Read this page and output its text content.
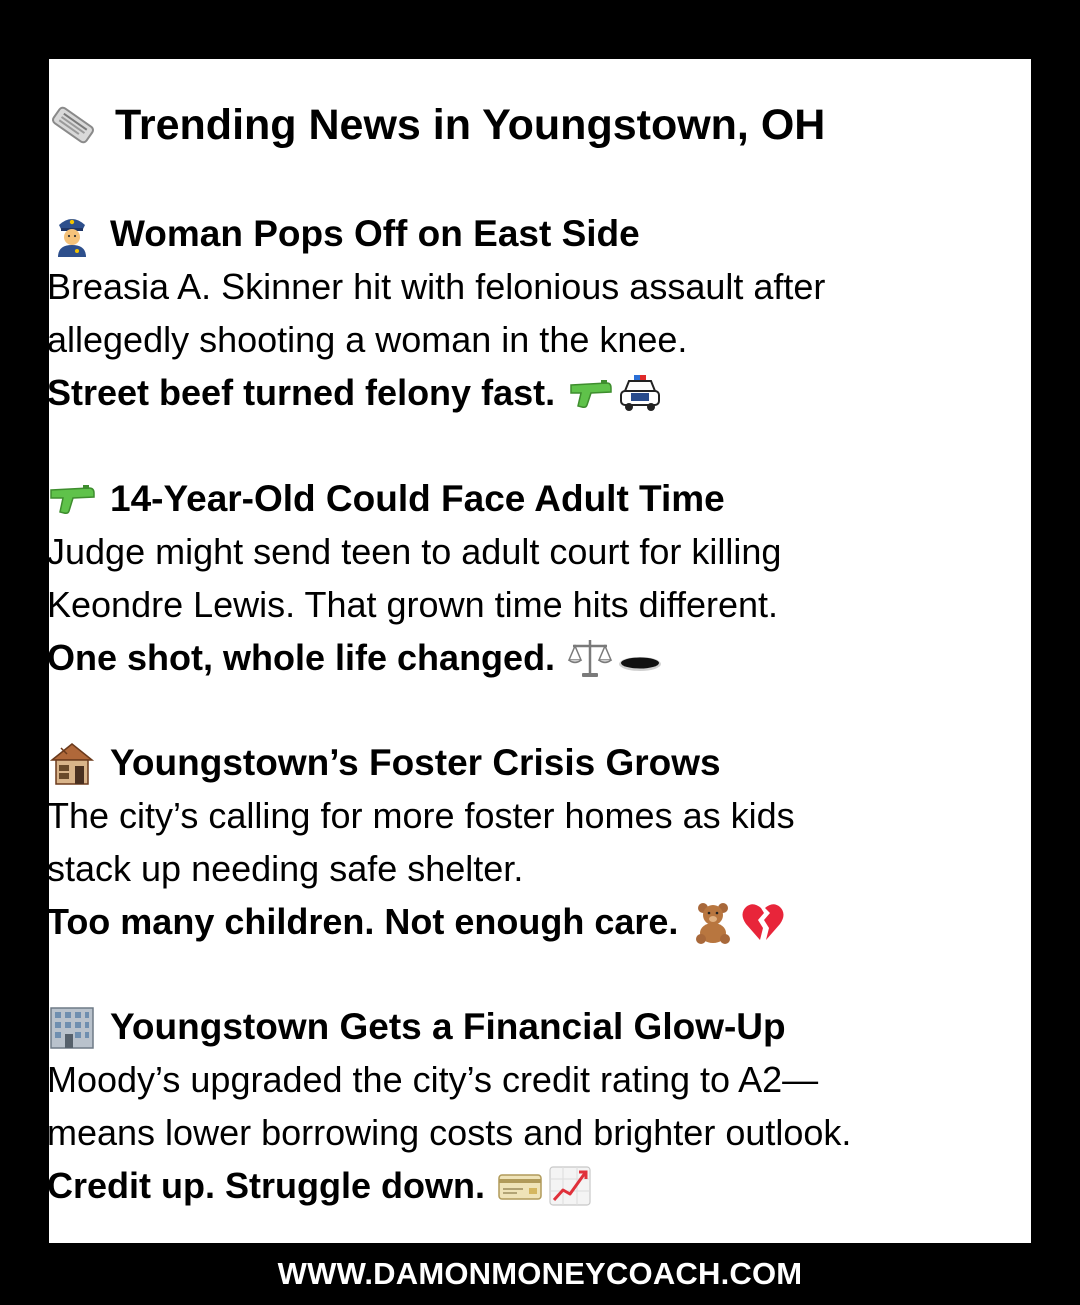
Trending News in Youngstown, OH
Woman Pops Off on East Side
Breasia A. Skinner hit with felonious assault after
allegedly shooting a woman in the knee.
Street beef turned felony fast.
14-Year-Old Could Face Adult Time
Judge might send teen to adult court for killing
Keondre Lewis. That grown time hits different.
One shot, whole life changed.
Youngstown’s Foster Crisis Grows
The city’s calling for more foster homes as kids
stack up needing safe shelter.
Too many children. Not enough care.
Youngstown Gets a Financial Glow-Up
Moody’s upgraded the city’s credit rating to A2—
means lower borrowing costs and brighter outlook.
Credit up. Struggle down.
WWW.DAMONMONEYCOACH.COM
